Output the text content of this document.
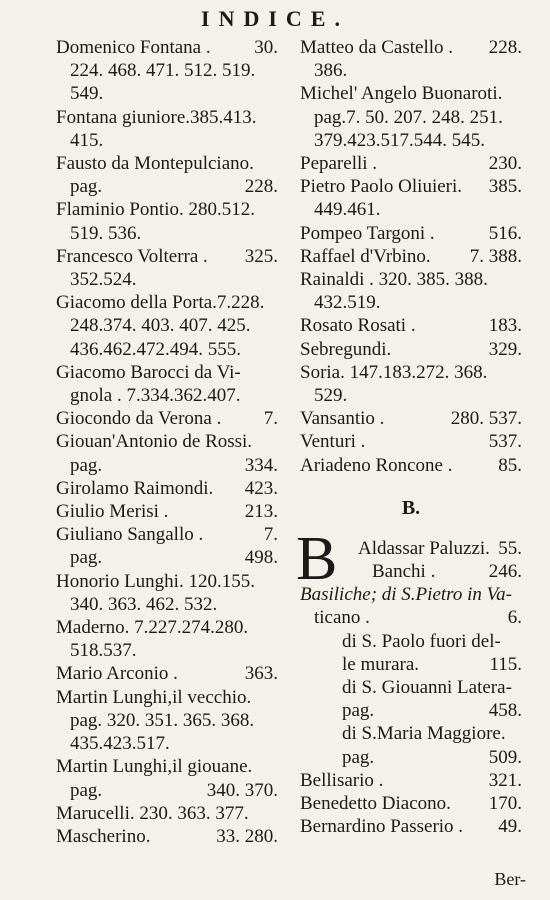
INDICE.
Domenico Fontana . 30.
224. 468. 471. 512. 519.
549.
Fontana giuniore.385.413.
415.
Fausto da Montepulciano.
pag.	228.
Flaminio Pontio. 280.512.
519. 536.
Francesco Volterra . 325.
352.524.
Giacomo della Porta.7.228.
248.374. 403. 407. 425.
436.462.472.494. 555.
Giacomo Barocci da Vi-
gnola . 7.334.362.407.
Giocondo da Verona . 7.
Giouan'Antonio de Rossi.
pag.	334.
Girolamo Raimondi. 423.
Giulio Merisi .	213.
Giuliano Sangallo .	7.
pag.	498.
Honorio Lunghi. 120.155.
340. 363. 462. 532.
Maderno. 7.227.274.280.
518.537.
Mario Arconio .	363.
Martin Lunghi,il vecchio.
pag. 320. 351. 365. 368.
435.423.517.
Martin Lunghi,il giouane.
pag.	340. 370.
Marucelli. 230. 363. 377.
Mascherino.	33. 280.
Matteo da Castello . 228.
386.
Michel' Angelo Buonaroti.
pag.7. 50. 207. 248. 251.
379.423.517.544. 545.
Peparelli .	230.
Pietro Paolo Oliuieri. 385.
449.461.
Pompeo Targoni .	516.
Raffael d'Vrbino. 7. 388.
Rainaldi . 320. 385. 388.
432.519.
Rosato Rosati .	183.
Sebregundi.	329.
Soria. 147.183.272. 368.
529.
Vansantio .	280. 537.
Venturi .	537.
Ariadeno Roncone . 85.
B.
B Aldassar Paluzzi. 55.
Banchi .	246.
Basiliche; di S.Pietro in Va-
ticano .	6.
di S. Paolo fuori del-
le murara.	115.
di S. Giouanni Latera-
pag.	458.
di S.Maria Maggiore.
pag.	509.
Bellisario .	321.
Benedetto Diacono. 170.
Bernardino Passerio . 49.
Ber-
